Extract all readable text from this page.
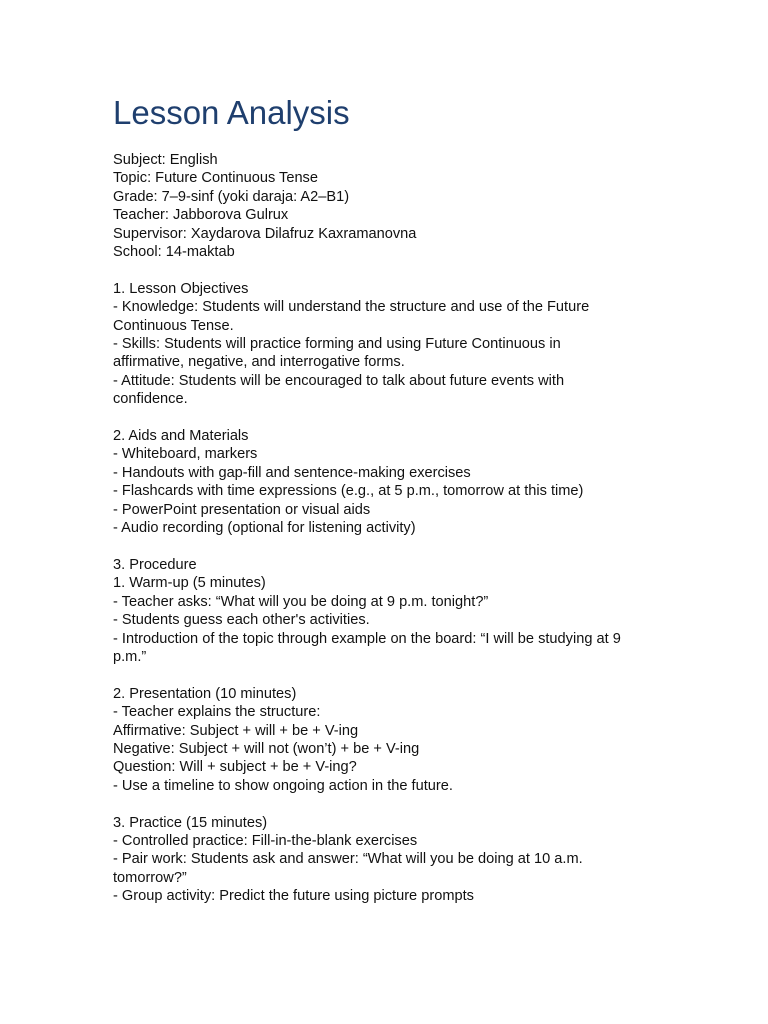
Lesson Analysis
Subject: English
Topic: Future Continuous Tense
Grade: 7–9-sinf (yoki daraja: A2–B1)
Teacher: Jabborova Gulrux
Supervisor: Xaydarova Dilafruz Kaxramanovna
School: 14-maktab
1. Lesson Objectives
- Knowledge: Students will understand the structure and use of the Future
Continuous Tense.
- Skills: Students will practice forming and using Future Continuous in
affirmative, negative, and interrogative forms.
- Attitude: Students will be encouraged to talk about future events with
confidence.
2. Aids and Materials
- Whiteboard, markers
- Handouts with gap-fill and sentence-making exercises
- Flashcards with time expressions (e.g., at 5 p.m., tomorrow at this time)
- PowerPoint presentation or visual aids
- Audio recording (optional for listening activity)
3. Procedure
1. Warm-up (5 minutes)
- Teacher asks: “What will you be doing at 9 p.m. tonight?”
- Students guess each other's activities.
- Introduction of the topic through example on the board: “I will be studying at 9
p.m.”
2. Presentation (10 minutes)
- Teacher explains the structure:
Affirmative: Subject + will + be + V-ing
Negative: Subject + will not (won’t) + be + V-ing
Question: Will + subject + be + V-ing?
- Use a timeline to show ongoing action in the future.
3. Practice (15 minutes)
- Controlled practice: Fill-in-the-blank exercises
- Pair work: Students ask and answer: “What will you be doing at 10 a.m.
tomorrow?”
- Group activity: Predict the future using picture prompts
